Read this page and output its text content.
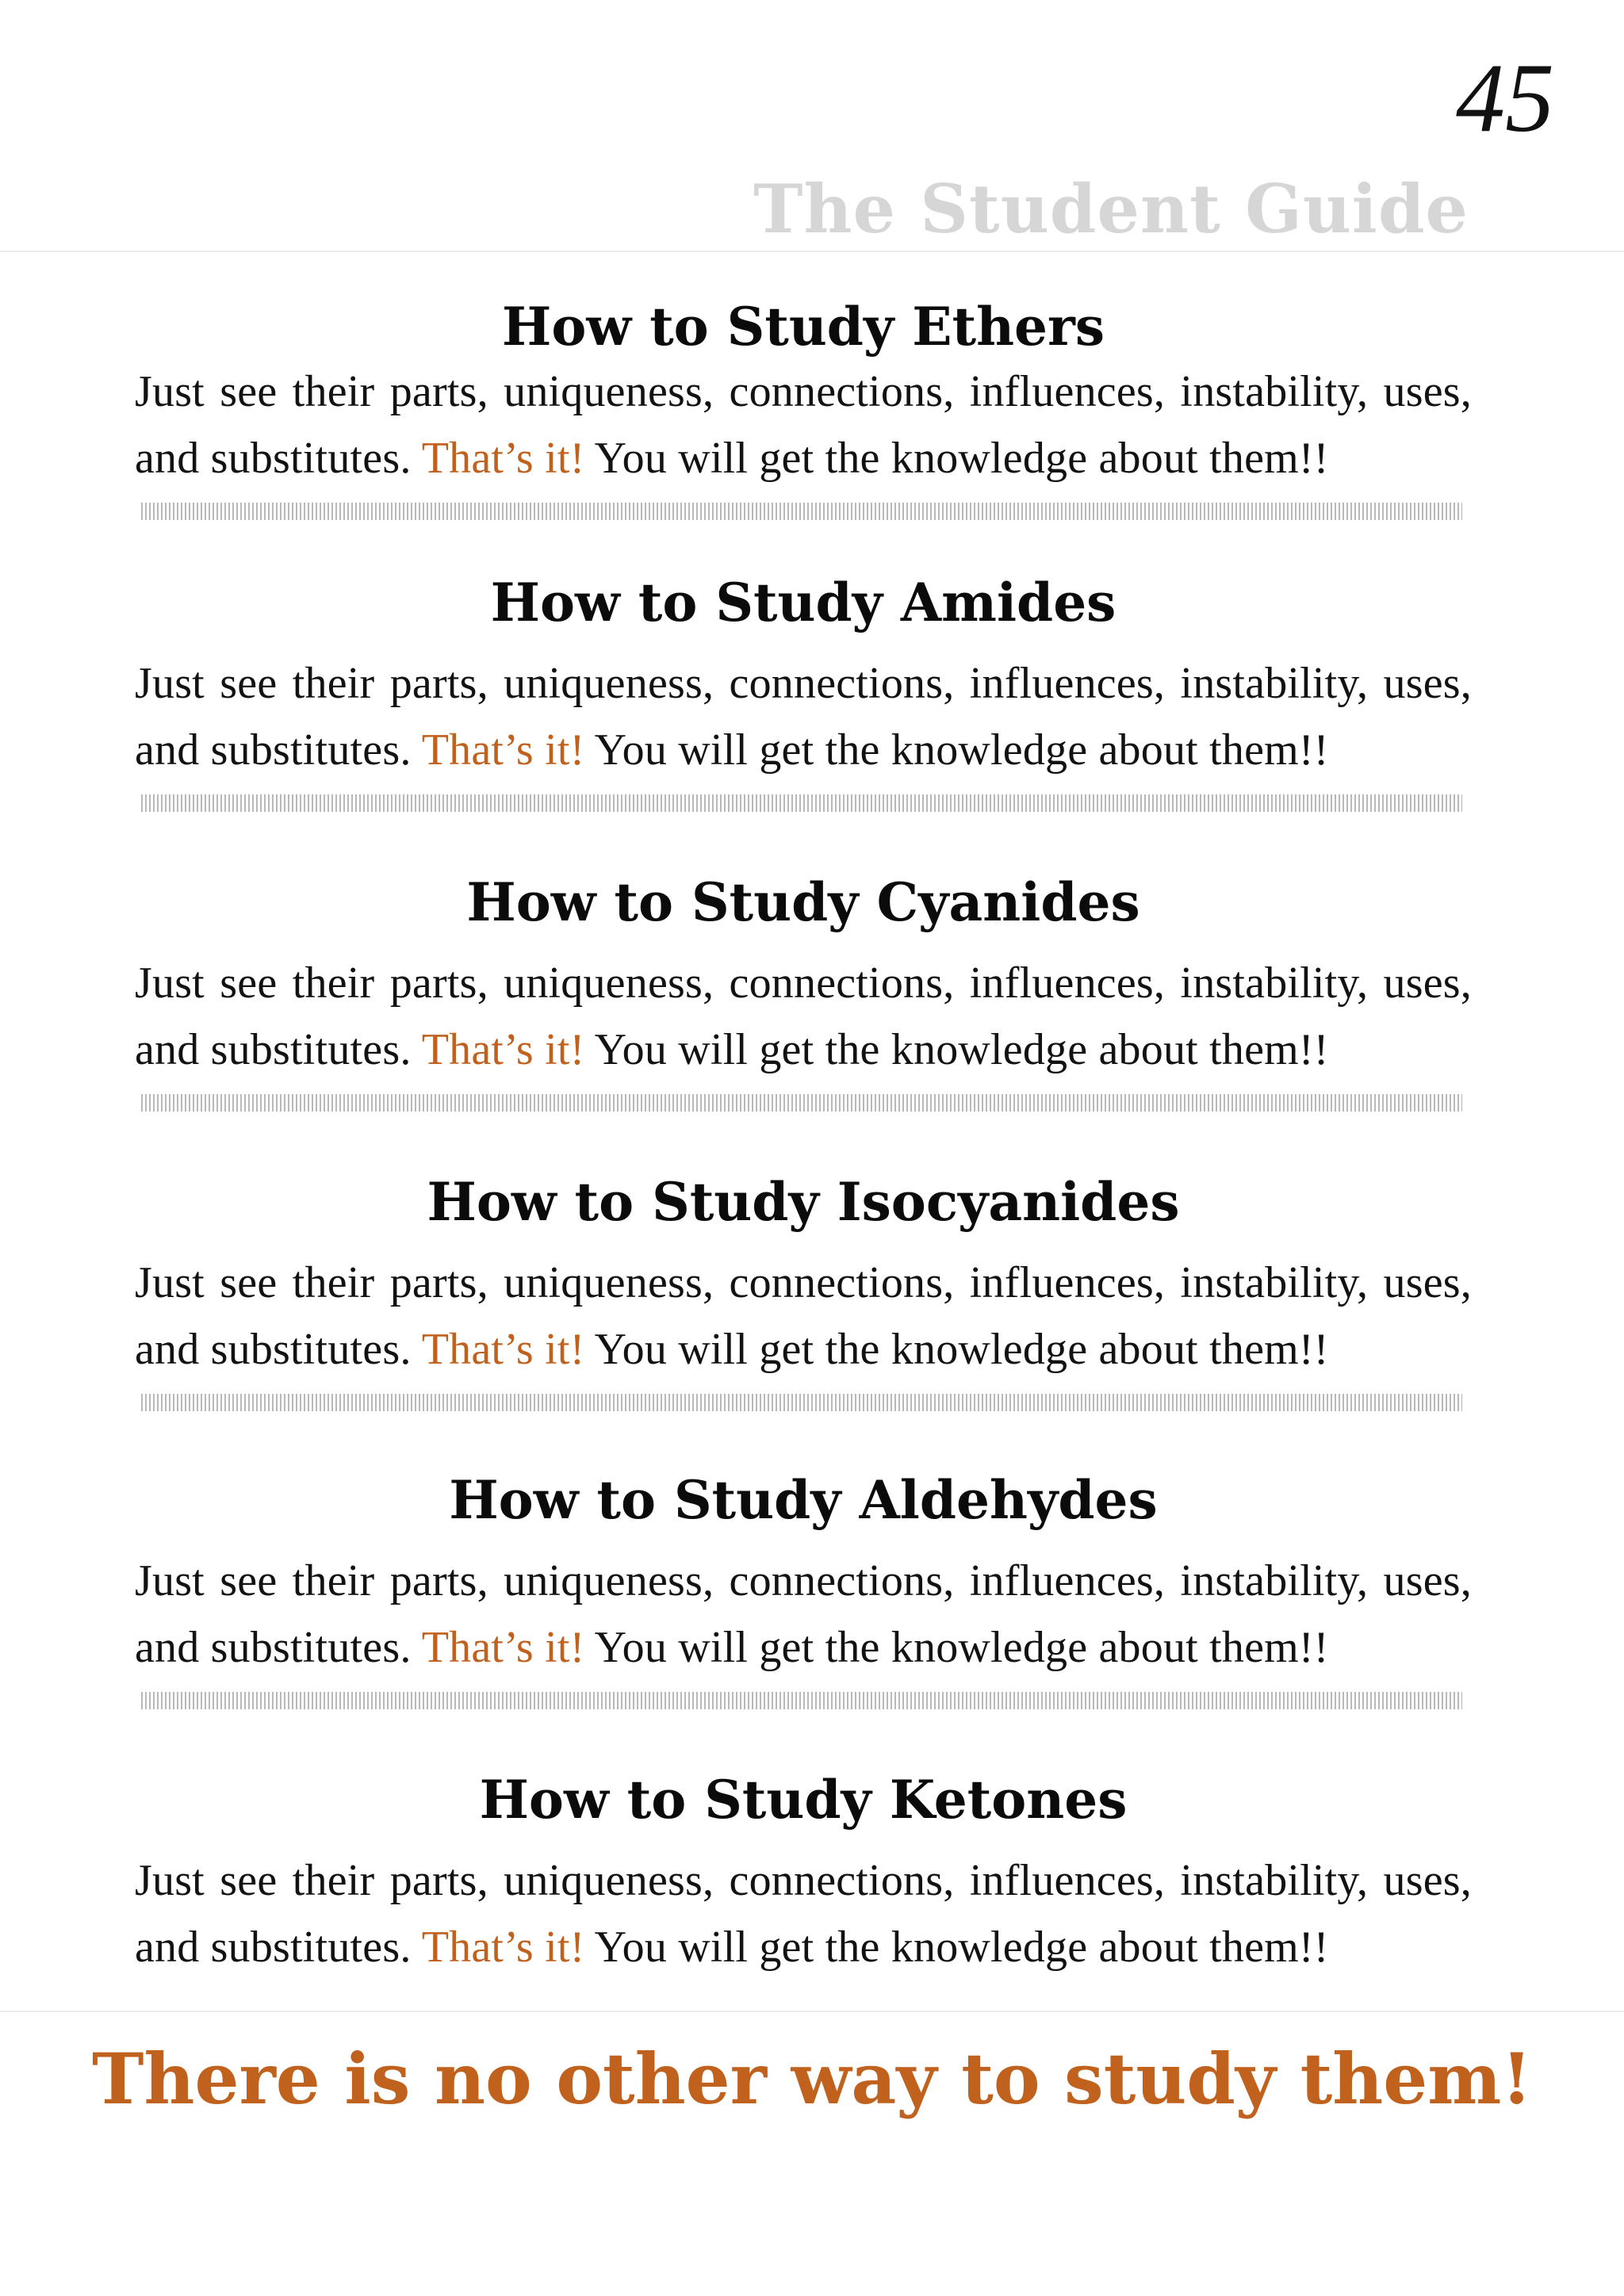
45

The Student Guide

How to Study Ethers

Just see their parts, uniqueness, connections, influences, instability, uses, and substitutes. That’s it! You will get the knowledge about them!!

How to Study Amides

Just see their parts, uniqueness, connections, influences, instability, uses, and substitutes. That’s it! You will get the knowledge about them!!

How to Study Cyanides

Just see their parts, uniqueness, connections, influences, instability, uses, and substitutes. That’s it! You will get the knowledge about them!!

How to Study Isocyanides

Just see their parts, uniqueness, connections, influences, instability, uses, and substitutes. That’s it! You will get the knowledge about them!!

How to Study Aldehydes

Just see their parts, uniqueness, connections, influences, instability, uses, and substitutes. That’s it! You will get the knowledge about them!!

How to Study Ketones

Just see their parts, uniqueness, connections, influences, instability, uses, and substitutes. That’s it! You will get the knowledge about them!!

There is no other way to study them!
